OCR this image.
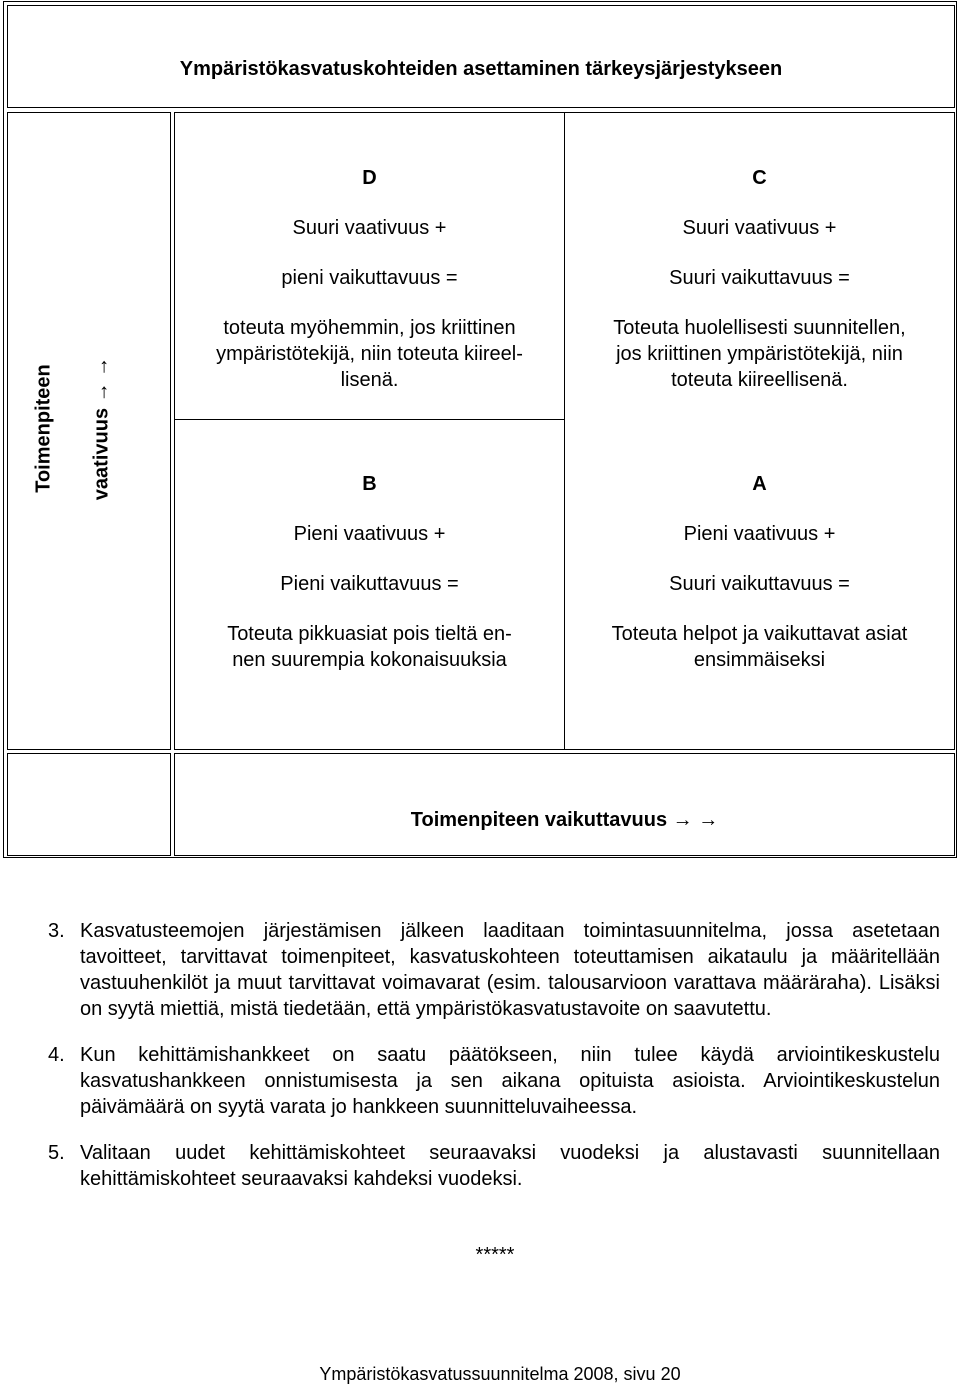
Ympäristökasvatuskohteiden asettaminen tärkeysjärjestykseen
Toimenpiteen vaativuus → →
D
Suuri vaativuus +
pieni vaikuttavuus =
toteuta myöhemmin, jos kriittinen
ympäristötekijä, niin toteuta kiireel-
lisenä.
C
Suuri vaativuus +
Suuri vaikuttavuus =
Toteuta huolellisesti suunnitellen,
jos kriittinen ympäristötekijä, niin
toteuta kiireellisenä.
B
Pieni vaativuus +
Pieni vaikuttavuus =
Toteuta pikkuasiat pois tieltä en-
nen suurempia kokonaisuuksia
A
Pieni vaativuus +
Suuri vaikuttavuus =
Toteuta helpot ja vaikuttavat asiat
ensimmäiseksi
Toimenpiteen vaikuttavuus → →
3. Kasvatusteemojen järjestämisen jälkeen laaditaan toimintasuunnitelma, jossa asetetaan tavoitteet, tarvittavat toimenpiteet, kasvatuskohteen toteuttamisen aikataulu ja määritellään vastuuhenkilöt ja muut tarvittavat voimavarat (esim. talousarvioon varattava määräraha). Lisäksi on syytä miettiä, mistä tiedetään, että ympäristökasvatustavoite on saavutettu.
4. Kun kehittämishankkeet on saatu päätökseen, niin tulee käydä arviointikeskustelu kasvatushankkeen onnistumisesta ja sen aikana opituista asioista. Arviointikeskustelun päivämäärä on syytä varata jo hankkeen suunnitteluvaiheessa.
5. Valitaan uudet kehittämiskohteet seuraavaksi vuodeksi ja alustavasti suunnitellaan kehittämiskohteet seuraavaksi kahdeksi vuodeksi.
*****
Ympäristökasvatussuunnitelma 2008, sivu 20
